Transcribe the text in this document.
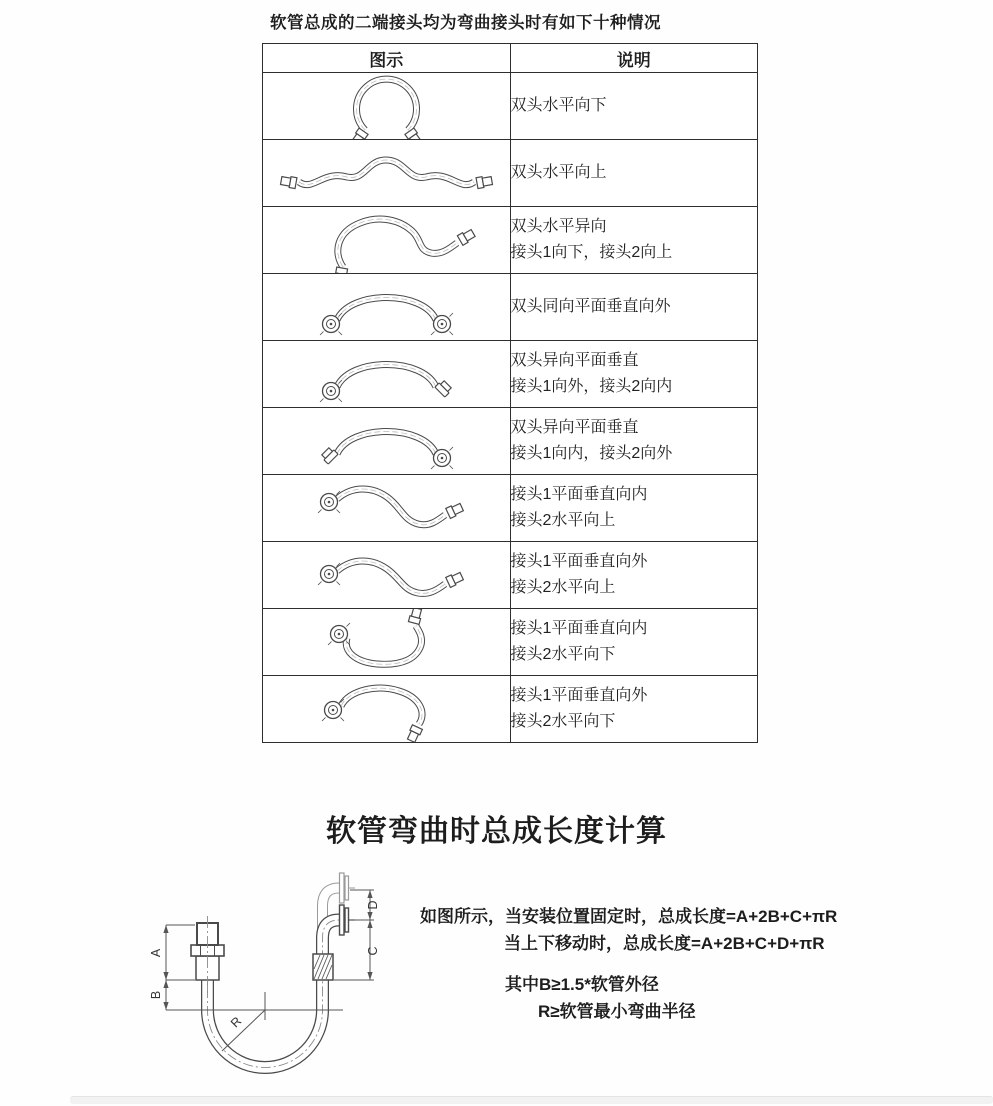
软管总成的二端接头均为弯曲接头时有如下十种情况
图示	说明

双头水平向下

双头水平向上

双头水平异向
接头1向下，接头2向上

双头同向平面垂直向外

双头异向平面垂直
接头1向外，接头2向内

双头异向平面垂直
接头1向内，接头2向外

接头1平面垂直向内
接头2水平向上

接头1平面垂直向外
接头2水平向上

接头1平面垂直向内
接头2水平向下

接头1平面垂直向外
接头2水平向下
软管弯曲时总成长度计算
如图所示，当安装位置固定时，总成长度=A+2B+C+πR
当上下移动时，总成长度=A+2B+C+D+πR
其中B≥1.5*软管外径
R≥软管最小弯曲半径
A
B
D
C
R
